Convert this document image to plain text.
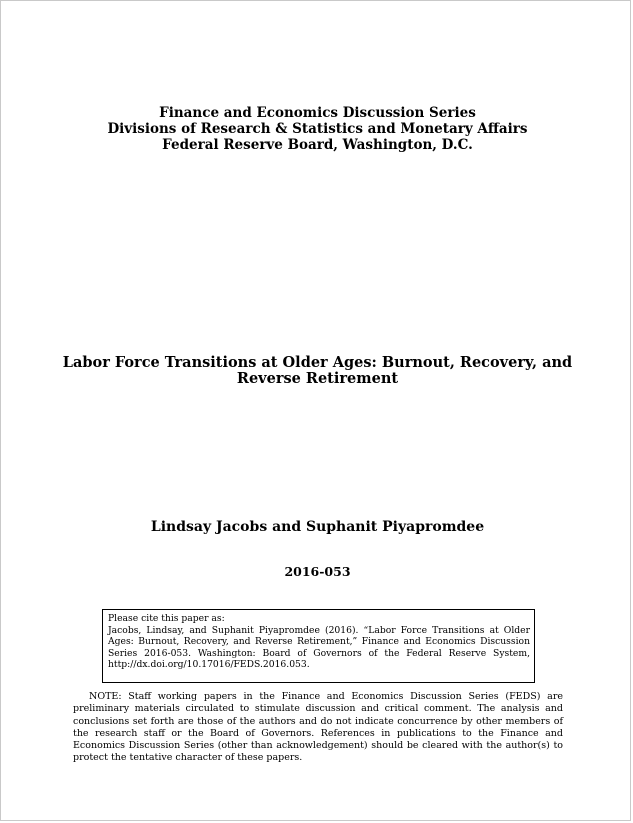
Finance and Economics Discussion Series
Divisions of Research & Statistics and Monetary Affairs
Federal Reserve Board, Washington, D.C.
Labor Force Transitions at Older Ages: Burnout, Recovery, and Reverse Retirement
Lindsay Jacobs and Suphanit Piyapromdee
2016-053
Please cite this paper as:
Jacobs, Lindsay, and Suphanit Piyapromdee (2016). “Labor Force Transitions at Older Ages: Burnout, Recovery, and Reverse Retirement,” Finance and Economics Discussion Series 2016-053. Washington: Board of Governors of the Federal Reserve System, http://dx.doi.org/10.17016/FEDS.2016.053.
NOTE: Staff working papers in the Finance and Economics Discussion Series (FEDS) are preliminary materials circulated to stimulate discussion and critical comment. The analysis and conclusions set forth are those of the authors and do not indicate concurrence by other members of the research staff or the Board of Governors. References in publications to the Finance and Economics Discussion Series (other than acknowledgement) should be cleared with the author(s) to protect the tentative character of these papers.
